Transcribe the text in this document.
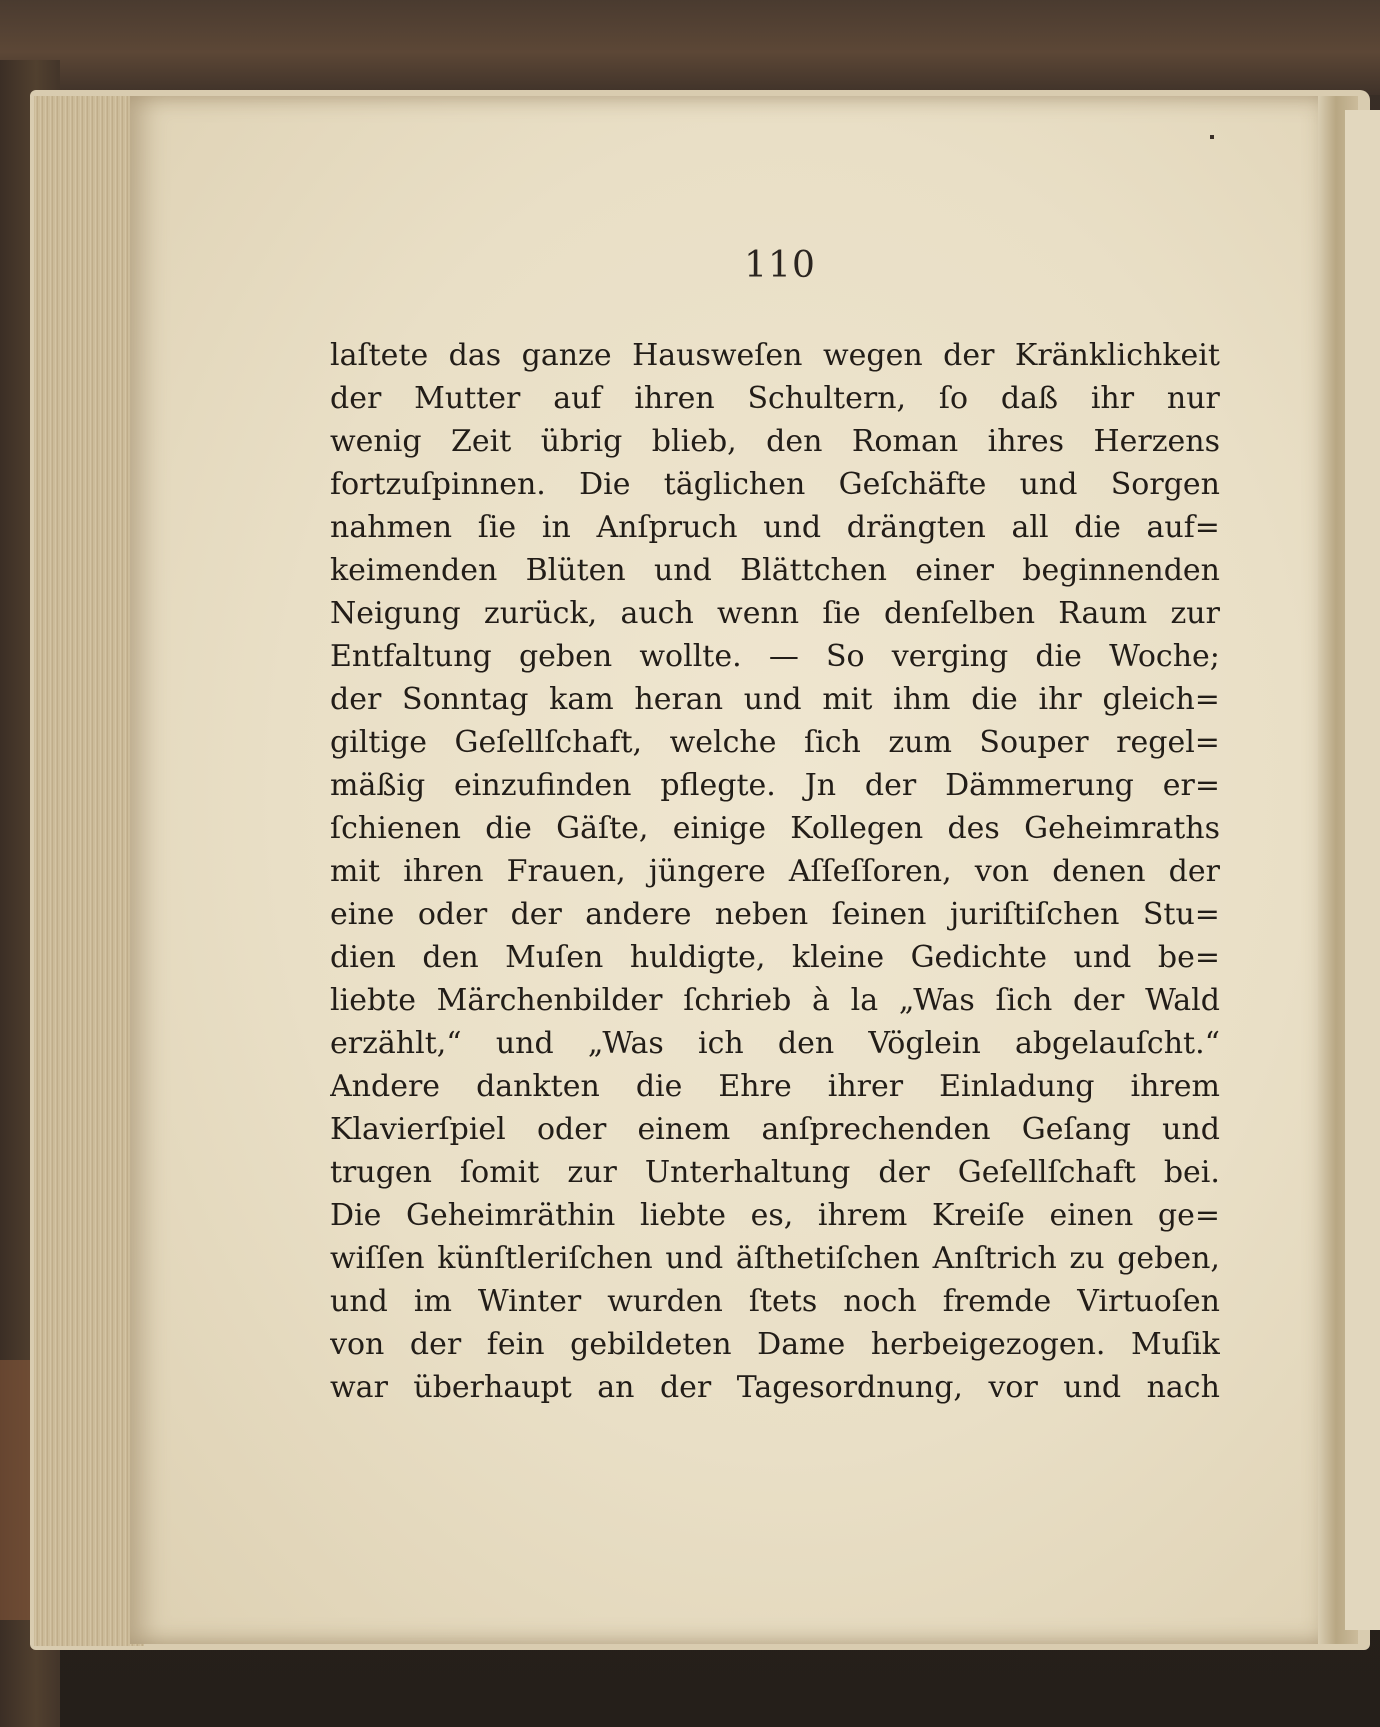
110
laſtete das ganze Hausweſen wegen der Kränklichkeit
der Mutter auf ihren Schultern, ſo daß ihr nur
wenig Zeit übrig blieb, den Roman ihres Herzens
fortzuſpinnen. Die täglichen Geſchäfte und Sorgen
nahmen ſie in Anſpruch und drängten all die auf=
keimenden Blüten und Blättchen einer beginnenden
Neigung zurück, auch wenn ſie denſelben Raum zur
Entfaltung geben wollte. — So verging die Woche;
der Sonntag kam heran und mit ihm die ihr gleich=
giltige Geſellſchaft, welche ſich zum Souper regel=
mäßig einzufinden pflegte. Jn der Dämmerung er=
ſchienen die Gäſte, einige Kollegen des Geheimraths
mit ihren Frauen, jüngere Aſſeſſoren, von denen der
eine oder der andere neben ſeinen juriſtiſchen Stu=
dien den Muſen huldigte, kleine Gedichte und be=
liebte Märchenbilder ſchrieb à la „Was ſich der Wald
erzählt,“ und „Was ich den Vöglein abgelauſcht.“
Andere dankten die Ehre ihrer Einladung ihrem
Klavierſpiel oder einem anſprechenden Geſang und
trugen ſomit zur Unterhaltung der Geſellſchaft bei.
Die Geheimräthin liebte es, ihrem Kreiſe einen ge=
wiſſen künſtleriſchen und äſthetiſchen Anſtrich zu geben,
und im Winter wurden ſtets noch fremde Virtuoſen
von der fein gebildeten Dame herbeigezogen. Muſik
war überhaupt an der Tagesordnung, vor und nach
